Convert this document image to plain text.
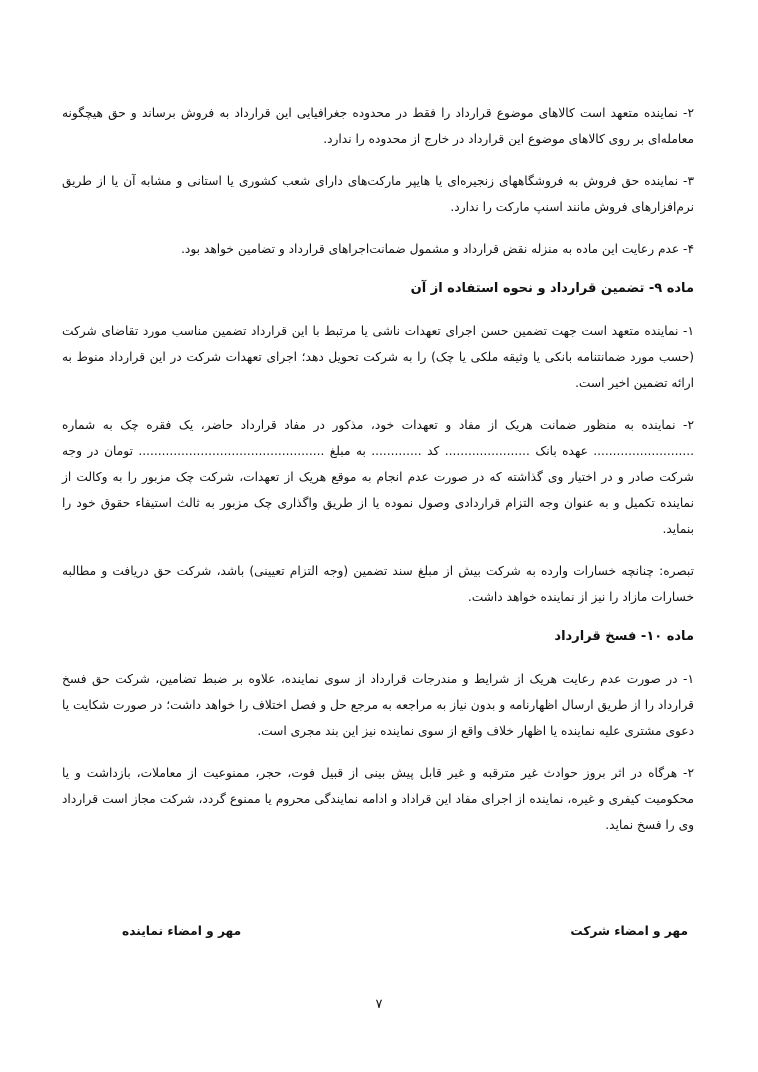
۲- نماینده متعهد است کالاهای موضوع قرارداد را فقط در محدوده جغرافیایی این قرارداد به فروش برساند و حق هیچگونه معامله‌ای بر روی کالاهای موضوع این قرارداد در خارج از محدوده را ندارد.

۳- نماینده حق فروش به فروشگاههای زنجیره‌ای یا هایپر مارکت‌های دارای شعب کشوری یا استانی و مشابه آن یا از طریق نرم‌افزارهای فروش مانند اسنپ مارکت را ندارد.

۴- عدم رعایت این ماده به منزله نقض قرارداد و مشمول ضمانت‌اجراهای قرارداد و تضامین خواهد بود.

ماده ۹- تضمین قرارداد و نحوه استفاده از آن

۱- نماینده متعهد است جهت تضمین حسن اجرای تعهدات ناشی یا مرتبط با این قرارداد تضمین مناسب مورد تقاضای شرکت (حسب مورد ضمانتنامه بانکی یا وثیقه ملکی یا چک) را به شرکت تحویل دهد؛ اجرای تعهدات شرکت در این قرارداد منوط به ارائه تضمین اخیر است.

۲- نماینده به منظور ضمانت هریک از مفاد و تعهدات خود، مذکور در مفاد قرارداد حاضر، یک فقره چک به شماره .......................... عهده بانک ...................... کد ............. به مبلغ ................................................ تومان در وجه شرکت صادر و در اختیار وی گذاشته که در صورت عدم انجام به موقع هریک از تعهدات، شرکت چک مزبور را به وکالت از نماینده تکمیل و به عنوان وجه التزام قراردادی وصول نموده یا از طریق واگذاری چک مزبور به ثالث استیفاء حقوق خود را بنماید.

تبصره: چنانچه خسارات وارده به شرکت بیش از مبلغ سند تضمین (وجه التزام تعیینی) باشد، شرکت حق دریافت و مطالبه خسارات مازاد را نیز از نماینده خواهد داشت.

ماده ۱۰- فسخ قرارداد

۱- در صورت عدم رعایت هریک از شرایط و مندرجات قرارداد از سوی نماینده، علاوه بر ضبط تضامین، شرکت حق فسخ قرارداد را از طریق ارسال اظهارنامه و بدون نیاز به مراجعه به مرجع حل و فصل اختلاف را خواهد داشت؛ در صورت شکایت یا دعوی مشتری علیه نماینده یا اظهار خلاف واقع از سوی نماینده نیز این بند مجری است.

۲- هرگاه در اثر بروز حوادث غیر مترقبه و غیر قابل پیش بینی از قبیل فوت، حجر، ممنوعیت از معاملات، بازداشت و یا محکومیت کیفری و غیره، نماینده از اجرای مفاد این قراداد و ادامه نمایندگی محروم یا ممنوع گردد، شرکت مجاز است قرارداد وی را فسخ نماید.

مهر و امضاء شرکت
مهر و امضاء نماینده
۷
